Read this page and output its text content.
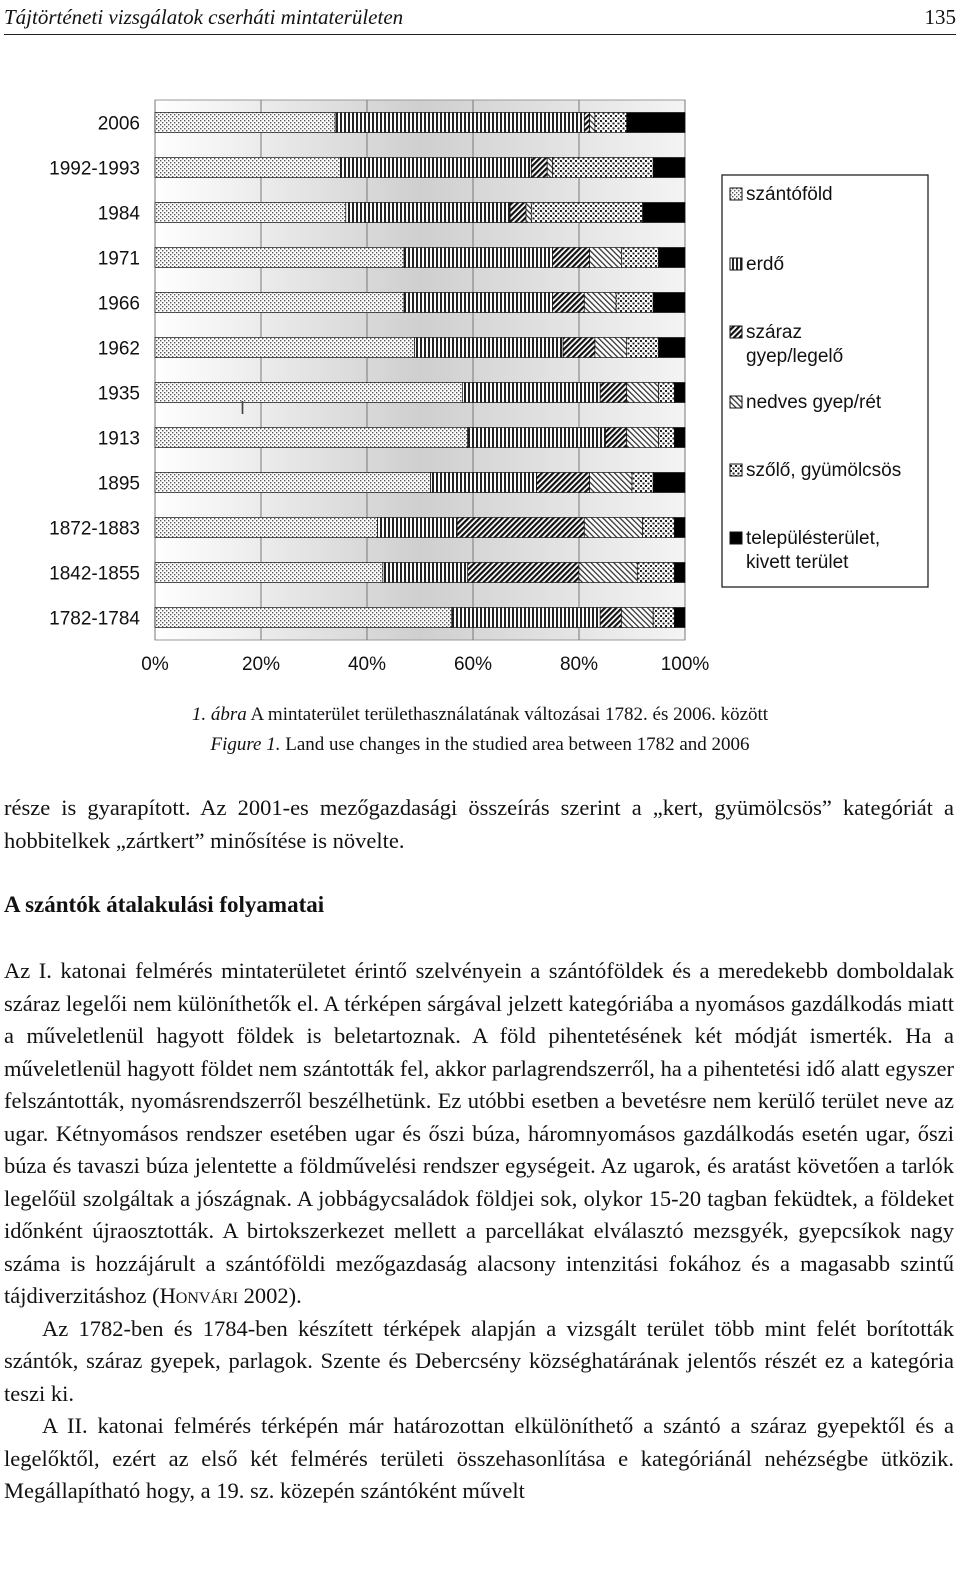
Tájtörténeti vizsgálatok cserháti mintaterületen	135
2006
1992-1993
1984
1971
1966
1962
1935
1913
1895
1872-1883
1842-1855
1782-1784
0%	20%	40%	60%	80%	100%
I
szántóföld
erdő
száraz
gyep/legelő
nedves gyep/rét
szőlő, gyümölcsös
településterület,
kivett terület
1. ábra A mintaterület területhasználatának változásai 1782. és 2006. között
Figure 1. Land use changes in the studied area between 1782 and 2006

része is gyarapított. Az 2001-es mezőgazdasági összeírás szerint a „kert, gyümölcsös” kategóriát a hobbitelkek „zártkert” minősítése is növelte.

A szántók átalakulási folyamatai

Az I. katonai felmérés mintaterületet érintő szelvényein a szántóföldek és a meredekebb domboldalak száraz legelői nem különíthetők el. A térképen sárgával jelzett kategóriába a nyomásos gazdálkodás miatt a műveletlenül hagyott földek is beletartoznak. A föld pihentetésének két módját ismerték. Ha a műveletlenül hagyott földet nem szántották fel, akkor parlagrendszerről, ha a pihentetési idő alatt egyszer felszántották, nyomásrendszerről beszélhetünk. Ez utóbbi esetben a bevetésre nem kerülő terület neve az ugar. Kétnyomásos rendszer esetében ugar és őszi búza, háromnyomásos gazdálkodás esetén ugar, őszi búza és tavaszi búza jelentette a földművelési rendszer egységeit. Az ugarok, és aratást követően a tarlók legelőül szolgáltak a jószágnak. A jobbágycsaládok földjei sok, olykor 15-20 tagban feküdtek, a földeket időnként újraosztották. A birtokszerkezet mellett a parcellákat elválasztó mezsgyék, gyepcsíkok nagy száma is hozzájárult a szántóföldi mezőgazdaság alacsony intenzitási fokához és a magasabb szintű tájdiverzitáshoz (Honvári 2002).

Az 1782-ben és 1784-ben készített térképek alapján a vizsgált terület több mint felét borították szántók, száraz gyepek, parlagok. Szente és Debercsény községhatárának jelentős részét ez a kategória teszi ki.

A II. katonai felmérés térképén már határozottan elkülöníthető a szántó a száraz gyepektől és a legelőktől, ezért az első két felmérés területi összehasonlítása e kategóriánál nehézségbe ütközik. Megállapítható hogy, a 19. sz. közepén szántóként művelt
